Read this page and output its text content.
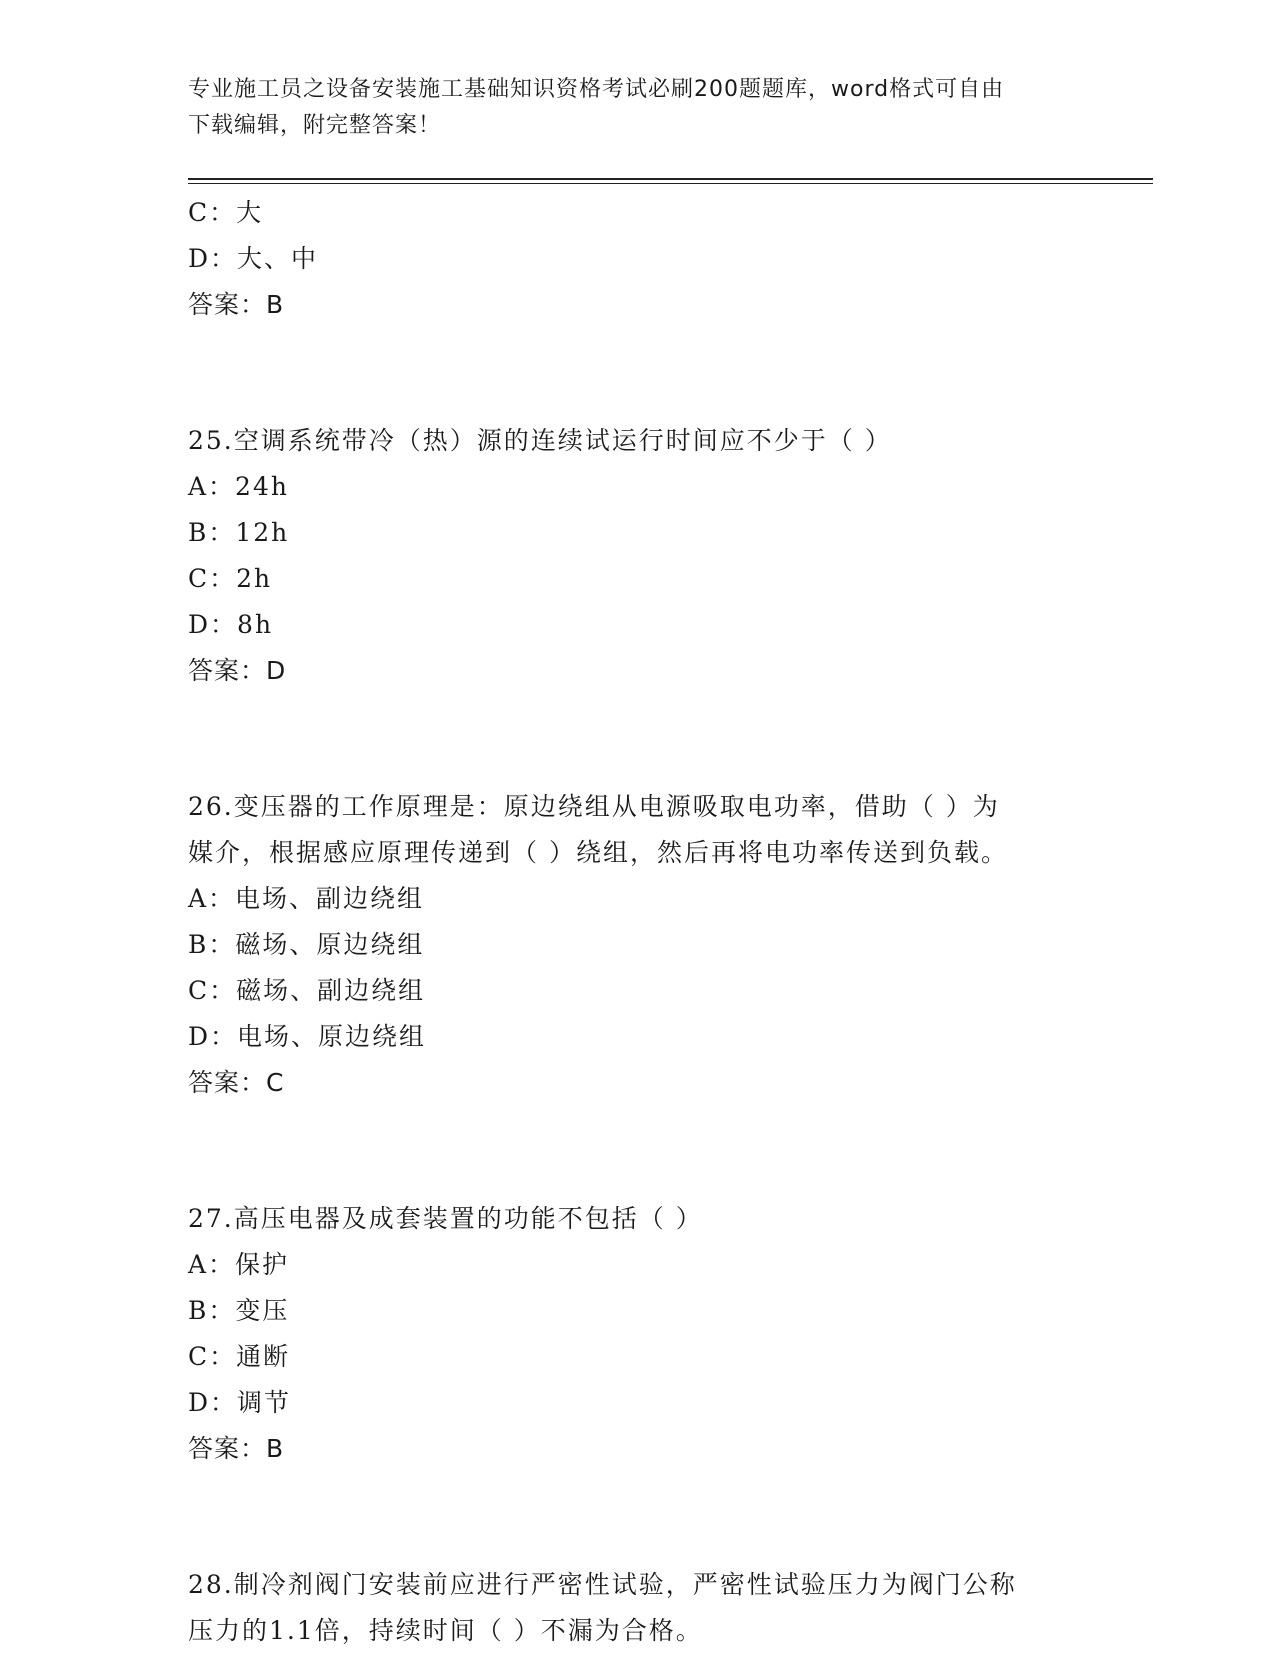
专业施工员之设备安装施工基础知识资格考试必刷200题题库，word格式可自由
下载编辑，附完整答案！
C：大
D：大、中
答案：B
25.空调系统带冷（热）源的连续试运行时间应不少于（ ）
A：24h
B：12h
C：2h
D：8h
答案：D
26.变压器的工作原理是：原边绕组从电源吸取电功率，借助（ ）为
媒介，根据感应原理传递到（ ）绕组，然后再将电功率传送到负载。
A：电场、副边绕组
B：磁场、原边绕组
C：磁场、副边绕组
D：电场、原边绕组
答案：C
27.高压电器及成套装置的功能不包括（ ）
A：保护
B：变压
C：通断
D：调节
答案：B
28.制冷剂阀门安装前应进行严密性试验，严密性试验压力为阀门公称
压力的1.1倍，持续时间（ ）不漏为合格。
